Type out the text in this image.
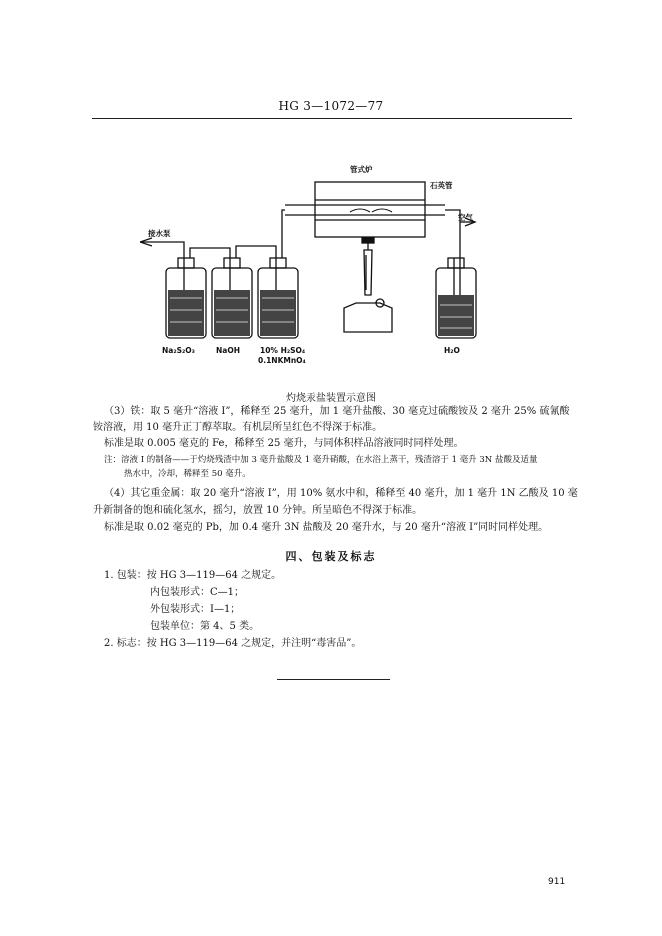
HG 3—1072—77
管式炉
石英管
空气
接水泵
Na₂S₂O₃	NaOH	10% H₂SO₄
0.1NKMnO₄
H₂O
灼烧汞盐装置示意图
（3）铁：取 5 毫升“溶液 Ⅰ”，稀释至 25 毫升，加 1 毫升盐酸、30 毫克过硫酸铵及 2 毫升 25% 硫氰酸
铵溶液，用 10 毫升正丁醇萃取。有机层所呈红色不得深于标准。
标准是取 0.005 毫克的 Fe，稀释至 25 毫升，与同体积样品溶液同时同样处理。
注：溶液 Ⅰ 的制备——于灼烧残渣中加 3 毫升盐酸及 1 毫升硝酸，在水浴上蒸干，残渣溶于 1 毫升 3N 盐酸及适量
热水中，冷却，稀释至 50 毫升。
（4）其它重金属：取 20 毫升“溶液 Ⅰ”，用 10% 氨水中和，稀释至 40 毫升，加 1 毫升 1N 乙酸及 10 毫
升新制备的饱和硫化氢水，摇匀，放置 10 分钟。所呈暗色不得深于标准。
标准是取 0.02 毫克的 Pb，加 0.4 毫升 3N 盐酸及 20 毫升水，与 20 毫升“溶液 Ⅰ”同时同样处理。
四、包装及标志
1. 包装：按 HG 3—119—64 之规定。
内包装形式：C—1；
外包装形式：Ⅰ—1；
包装单位：第 4、5 类。
2. 标志：按 HG 3—119—64 之规定，并注明“毒害品”。
911
